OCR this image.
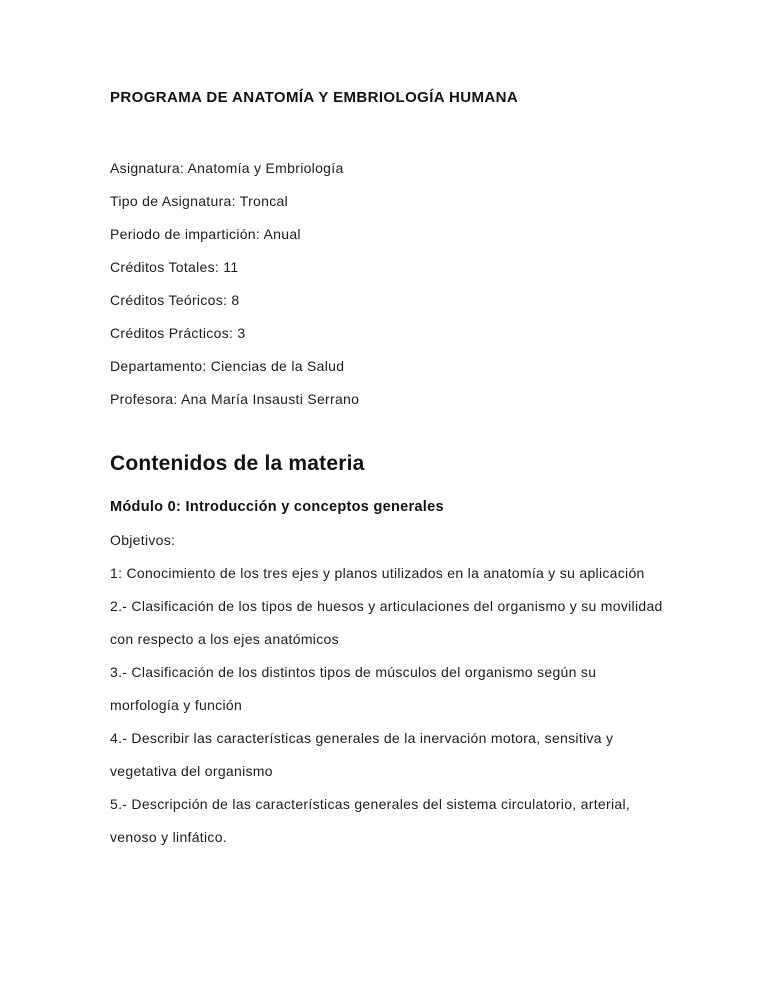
PROGRAMA DE ANATOMÍA Y EMBRIOLOGÍA HUMANA

Asignatura: Anatomía y Embriología

Tipo de Asignatura: Troncal

Periodo de impartición: Anual

Créditos Totales: 11

Créditos Teóricos: 8

Créditos Prácticos: 3

Departamento: Ciencias de la Salud

Profesora: Ana María Insausti Serrano

Contenidos de la materia
Módulo 0: Introducción y conceptos generales

Objetivos:

1: Conocimiento de los tres ejes y planos utilizados en la anatomía y su aplicación

2.- Clasificación de los tipos de huesos y articulaciones del organismo y su movilidad con respecto a los ejes anatómicos

3.- Clasificación de los distintos tipos de músculos del organismo según su morfología y función

4.- Describir las características generales de la inervación motora, sensitiva y vegetativa del organismo

5.- Descripción de las características generales del sistema circulatorio, arterial, venoso y linfático.
